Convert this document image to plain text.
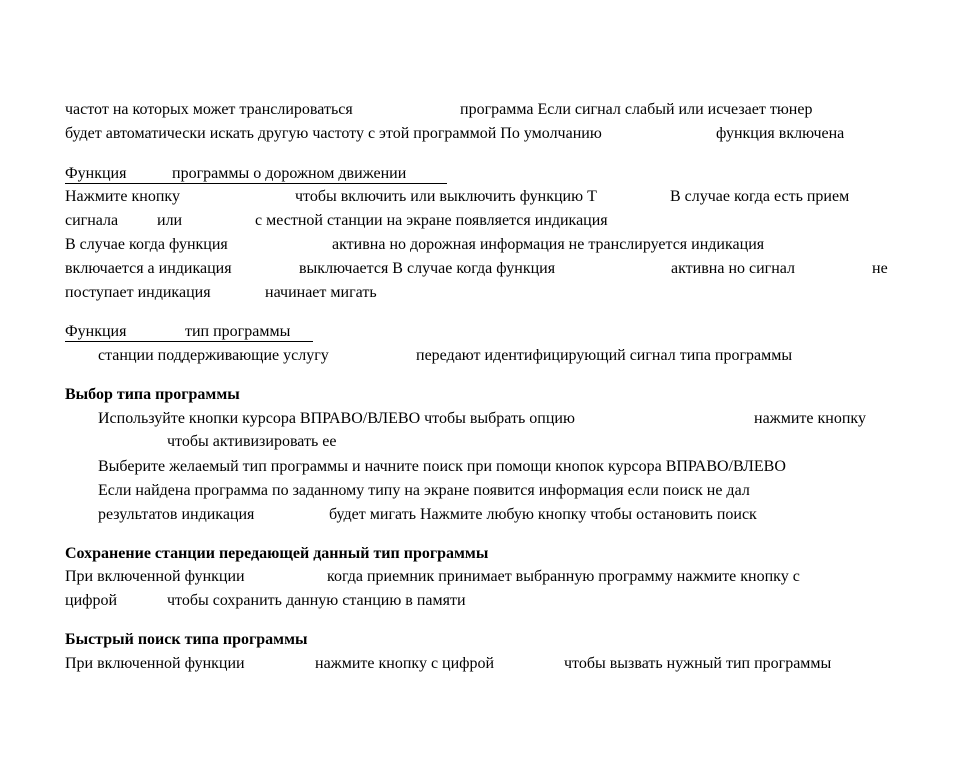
частот на которых может транслироваться	программа Если сигнал слабый или исчезает тюнер
будет автоматически искать другую частоту с этой программой По умолчанию	функция включена
Функция	программы о дорожном движении
Нажмите кнопку	чтобы включить или выключить функцию T	В случае когда есть прием
сигнала или	с местной станции на экране появляется индикация
В случае когда функция	активна но дорожная информация не транслируется индикация
включается а индикация	выключается В случае когда функция	активна но сигнал	не
поступает индикация	начинает мигать
Функция	тип программы
станции поддерживающие услугу	передают идентифицирующий сигнал типа программы
Выбор типа программы
Используйте кнопки курсора ВПРАВО/ВЛЕВО чтобы выбрать опцию	нажмите кнопку
чтобы активизировать ее
Выберите желаемый тип программы и начните поиск при помощи кнопок курсора ВПРАВО/ВЛЕВО
Если найдена программа по заданному типу на экране появится информация если поиск не дал
результатов индикация	будет мигать Нажмите любую кнопку чтобы остановить поиск
Сохранение станции передающей данный тип программы
При включенной функции	когда приемник принимает выбранную программу нажмите кнопку с
цифрой	чтобы сохранить данную станцию в памяти
Быстрый поиск типа программы
При включенной функции	нажмите кнопку с цифрой	чтобы вызвать нужный тип программы
